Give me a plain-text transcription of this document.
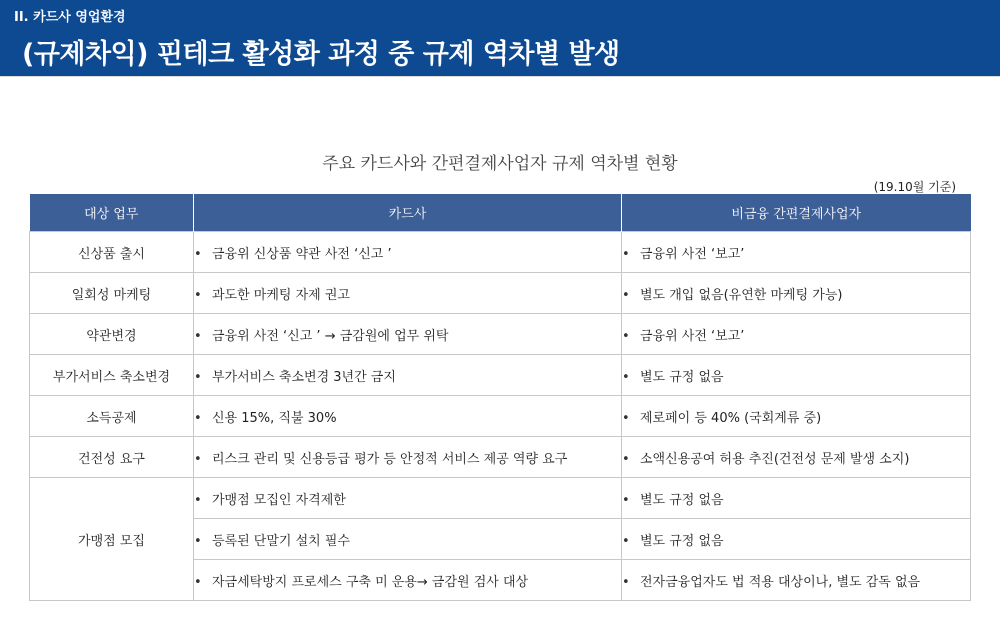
II. 카드사 영업환경
(규제차익) 핀테크 활성화 과정 중 규제 역차별 발생
주요 카드사와 간편결제사업자 규제 역차별 현황
(19.10월 기준)
대상 업무	카드사	비금융 간편결제사업자
신상품 출시	• 금융위 신상품 약관 사전 ‘신고 ’	• 금융위 사전 ‘보고’
일회성 마케팅	• 과도한 마케팅 자제 권고	• 별도 개입 없음(유연한 마케팅 가능)
약관변경	• 금융위 사전 ‘신고 ’ → 금감원에 업무 위탁	• 금융위 사전 ‘보고’
부가서비스 축소변경	• 부가서비스 축소변경 3년간 금지	• 별도 규정 없음
소득공제	• 신용 15%, 직불 30%	• 제로페이 등 40% (국회계류 중)
건전성 요구	• 리스크 관리 및 신용등급 평가 등 안정적 서비스 제공 역량 요구	• 소액신용공여 허용 추진(건전성 문제 발생 소지)
가맹점 모집	• 가맹점 모집인 자격제한	• 별도 규정 없음
	• 등록된 단말기 설치 필수	• 별도 규정 없음
	• 자금세탁방지 프로세스 구축 미 운용→ 금감원 검사 대상	• 전자금융업자도 법 적용 대상이나, 별도 감독 없음
